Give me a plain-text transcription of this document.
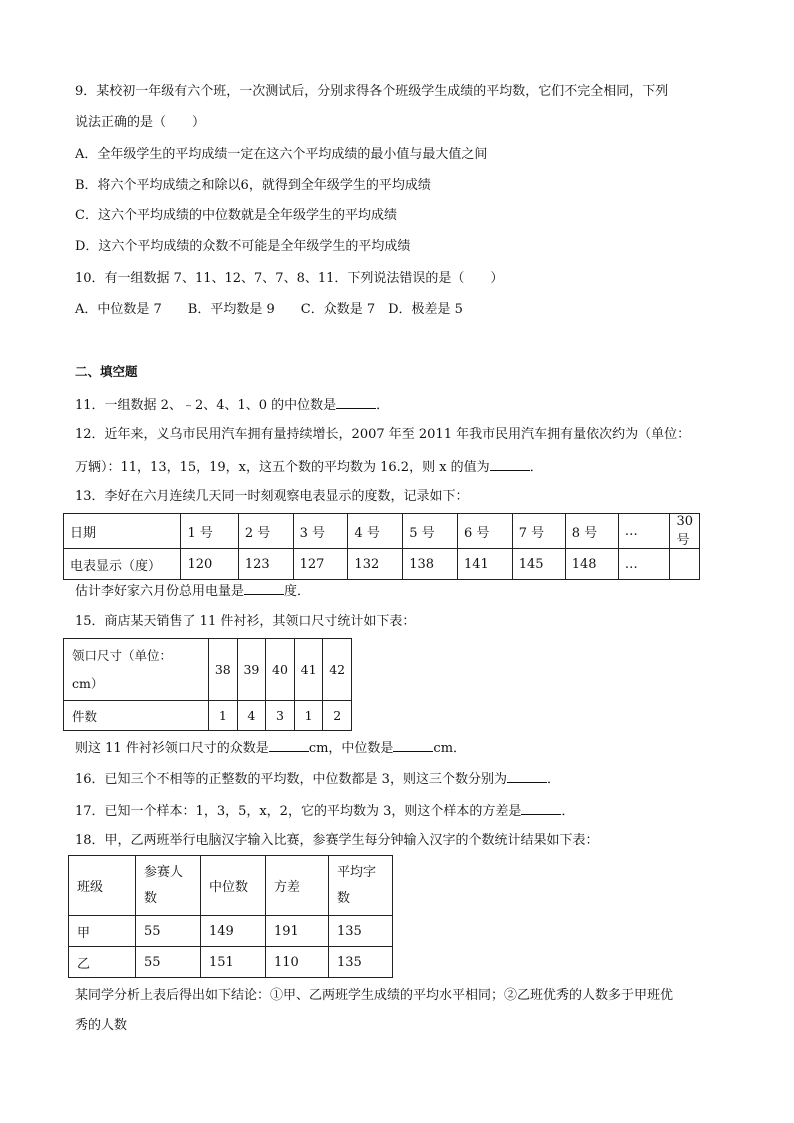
9．某校初一年级有六个班，一次测试后，分别求得各个班级学生成绩的平均数，它们不完全相同，下列
说法正确的是（　　）
A．全年级学生的平均成绩一定在这六个平均成绩的最小值与最大值之间
B．将六个平均成绩之和除以6，就得到全年级学生的平均成绩
C．这六个平均成绩的中位数就是全年级学生的平均成绩
D．这六个平均成绩的众数不可能是全年级学生的平均成绩
10．有一组数据 7、11、12、7、7、8、11．下列说法错误的是（　　）
A．中位数是 7　　B．平均数是 9　　C．众数是 7　D．极差是 5
二、填空题
11．一组数据 2、﹣2、4、1、0 的中位数是	．
12．近年来，义乌市民用汽车拥有量持续增长，2007 年至 2011 年我市民用汽车拥有量依次约为（单位：
万辆）：11，13，15，19，x，这五个数的平均数为 16.2，则 x 的值为	．
13．李好在六月连续几天同一时刻观察电表显示的度数，记录如下：
日期	1 号	2 号	3 号	4 号	5 号	6 号	7 号	8 号	…	30 号
电表显示（度）	120	123	127	132	138	141	145	148	…	
估计李好家六月份总用电量是	度．
15．商店某天销售了 11 件衬衫，其领口尺寸统计如下表：
领口尺寸（单位：
cm）	38	39	40	41	42
件数	1	4	3	1	2
则这 11 件衬衫领口尺寸的众数是	cm，中位数是	cm．
16．已知三个不相等的正整数的平均数，中位数都是 3，则这三个数分别为	．
17．已知一个样本：1，3，5，x，2，它的平均数为 3，则这个样本的方差是	．
18．甲，乙两班举行电脑汉字输入比赛，参赛学生每分钟输入汉字的个数统计结果如下表：
班级	参赛人
数	中位数	方差	平均字
数

甲	55	149	191	135
乙	55	151	110	135
某同学分析上表后得出如下结论：①甲、乙两班学生成绩的平均水平相同；②乙班优秀的人数多于甲班优
秀的人数
